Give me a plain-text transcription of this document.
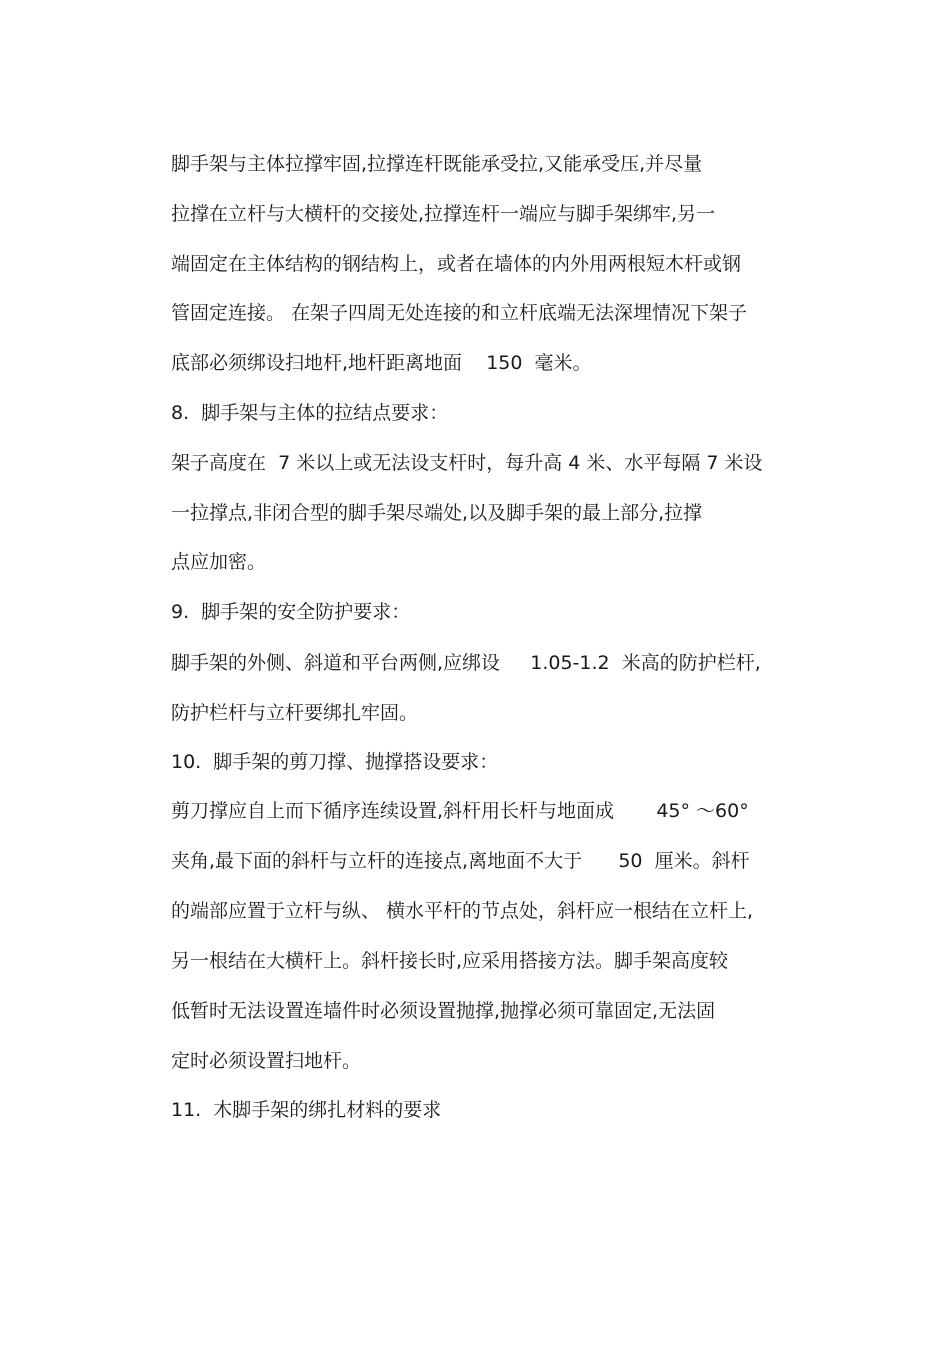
脚手架与主体拉撑牢固,拉撑连杆既能承受拉,又能承受压,并尽量
拉撑在立杆与大横杆的交接处,拉撑连杆一端应与脚手架绑牢,另一
端固定在主体结构的钢结构上，或者在墙体的内外用两根短木杆或钢
管固定连接。 在架子四周无处连接的和立杆底端无法深埋情况下架子
底部必须绑设扫地杆,地杆距离地面    150  毫米。
8.  脚手架与主体的拉结点要求：
架子高度在  7 米以上或无法设支杆时，每升高 4 米、水平每隔 7 米设
一拉撑点,非闭合型的脚手架尽端处,以及脚手架的最上部分,拉撑
点应加密。
9.  脚手架的安全防护要求：
脚手架的外侧、斜道和平台两侧,应绑设     1.05-1.2  米高的防护栏杆,
防护栏杆与立杆要绑扎牢固。
10.  脚手架的剪刀撑、抛撑搭设要求：
剪刀撑应自上而下循序连续设置,斜杆用长杆与地面成       45° ～60°
夹角,最下面的斜杆与立杆的连接点,离地面不大于      50  厘米。斜杆
的端部应置于立杆与纵、 横水平杆的节点处，斜杆应一根结在立杆上,
另一根结在大横杆上。斜杆接长时,应采用搭接方法。脚手架高度较
低暂时无法设置连墙件时必须设置抛撑,抛撑必须可靠固定,无法固
定时必须设置扫地杆。
11.  木脚手架的绑扎材料的要求
